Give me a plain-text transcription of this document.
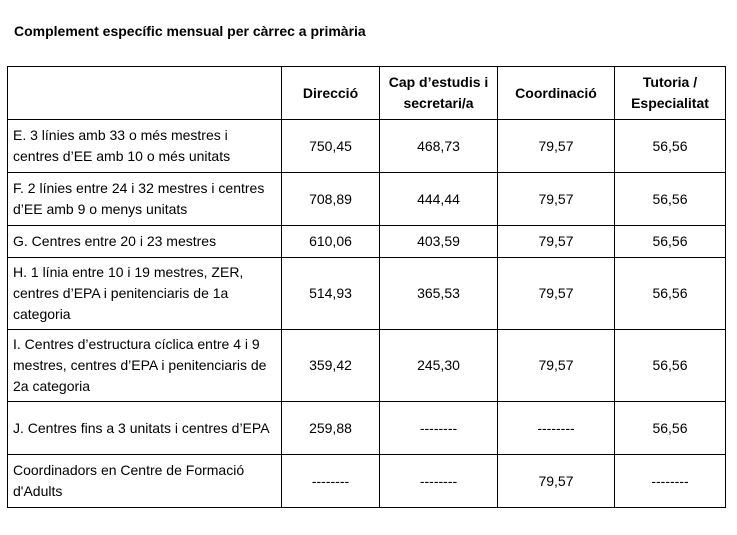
Complement específic mensual per càrrec a primària
	Direcció	Cap d’estudis i secretari/a	Coordinació	Tutoria / Especialitat
E. 3 línies amb 33 o més mestres i centres d’EE amb 10 o més unitats	750,45	468,73	79,57	56,56
F. 2 línies entre 24 i 32 mestres i centres d’EE amb 9 o menys unitats	708,89	444,44	79,57	56,56
G. Centres entre 20 i 23 mestres	610,06	403,59	79,57	56,56
H. 1 línia entre 10 i 19 mestres, ZER, centres d’EPA i penitenciaris de 1a categoria	514,93	365,53	79,57	56,56
I. Centres d’estructura cíclica entre 4 i 9 mestres, centres d’EPA i penitenciaris de 2a categoria	359,42	245,30	79,57	56,56
J. Centres fins a 3 unitats i centres d’EPA	259,88	--------	--------	56,56
Coordinadors en Centre de Formació d'Adults	--------	--------	79,57	--------
